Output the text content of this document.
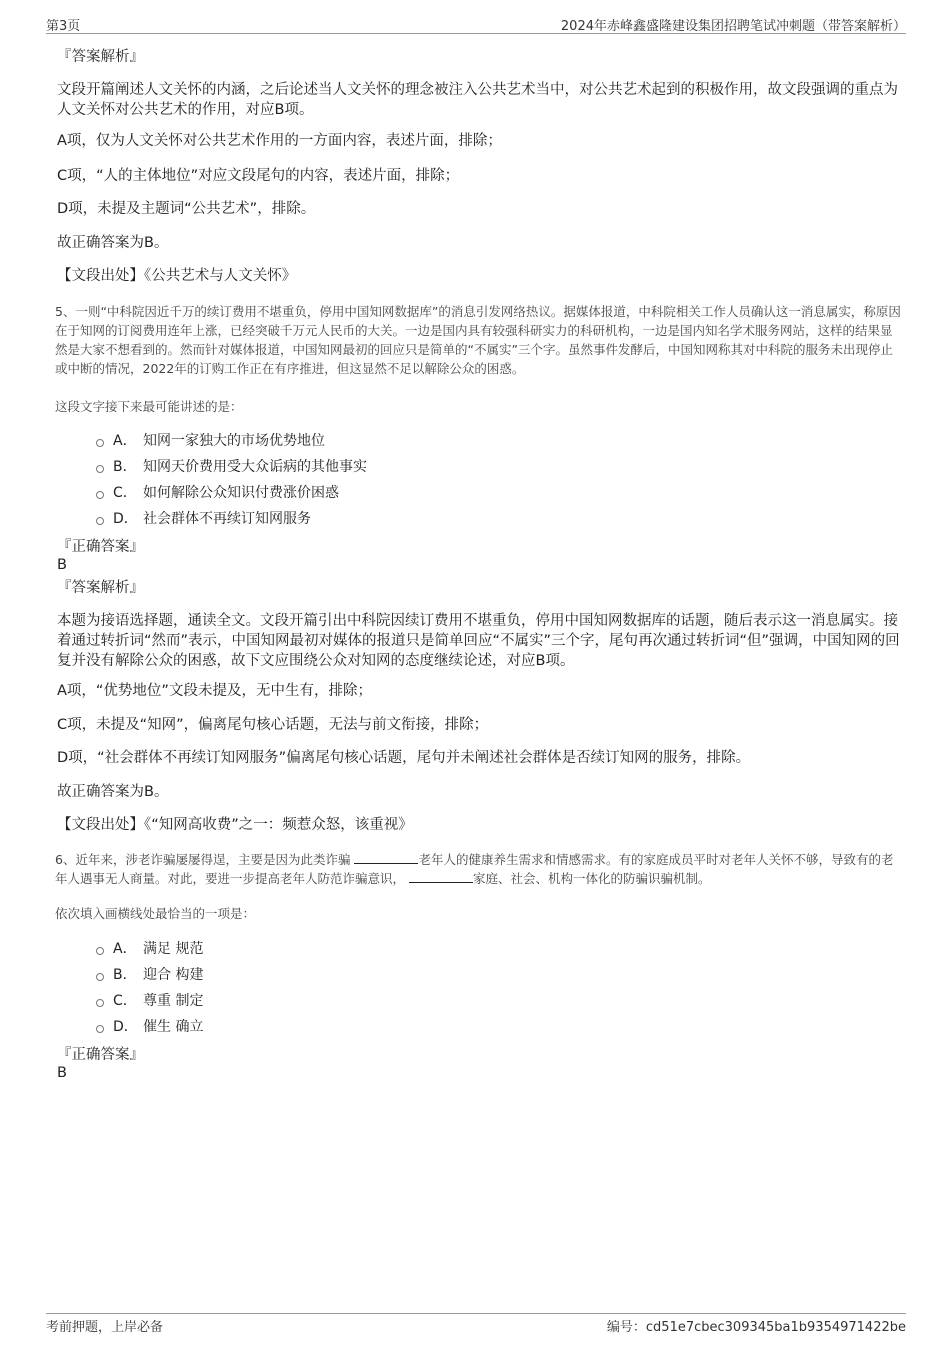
第3页	2024年赤峰鑫盛隆建设集团招聘笔试冲刺题（带答案解析）
『答案解析』
文段开篇阐述人文关怀的内涵，之后论述当人文关怀的理念被注入公共艺术当中，对公共艺术起到的积极作用，故文段强调的重点为人文关怀对公共艺术的作用，对应B项。
A项，仅为人文关怀对公共艺术作用的一方面内容，表述片面，排除；
C项，“人的主体地位”对应文段尾句的内容，表述片面，排除；
D项，未提及主题词“公共艺术”，排除。
故正确答案为B。
【文段出处】《公共艺术与人文关怀》
5、一则“中科院因近千万的续订费用不堪重负，停用中国知网数据库”的消息引发网络热议。据媒体报道，中科院相关工作人员确认这一消息属实，称原因在于知网的订阅费用连年上涨，已经突破千万元人民币的大关。一边是国内具有较强科研实力的科研机构，一边是国内知名学术服务网站，这样的结果显然是大家不想看到的。然而针对媒体报道，中国知网最初的回应只是简单的“不属实”三个字。虽然事件发酵后，中国知网称其对中科院的服务未出现停止或中断的情况，2022年的订购工作正在有序推进，但这显然不足以解除公众的困惑。
这段文字接下来最可能讲述的是：
A． 知网一家独大的市场优势地位
B． 知网天价费用受大众诟病的其他事实
C． 如何解除公众知识付费涨价困惑
D． 社会群体不再续订知网服务
『正确答案』
B
『答案解析』
本题为接语选择题，通读全文。文段开篇引出中科院因续订费用不堪重负，停用中国知网数据库的话题，随后表示这一消息属实。接着通过转折词“然而”表示，中国知网最初对媒体的报道只是简单回应“不属实”三个字，尾句再次通过转折词“但”强调，中国知网的回复并没有解除公众的困惑，故下文应围绕公众对知网的态度继续论述，对应B项。
A项，“优势地位”文段未提及，无中生有，排除；
C项，未提及“知网”，偏离尾句核心话题，无法与前文衔接，排除；
D项，“社会群体不再续订知网服务”偏离尾句核心话题，尾句并未阐述社会群体是否续订知网的服务，排除。
故正确答案为B。
【文段出处】《“知网高收费”之一：频惹众怒，该重视》
6、近年来，涉老诈骗屡屡得逞，主要是因为此类诈骗	老年人的健康养生需求和情感需求。有的家庭成员平时对老年人关怀不够，导致有的老年人遇事无人商量。对此，要进一步提高老年人防范诈骗意识，	家庭、社会、机构一体化的防骗识骗机制。
依次填入画横线处最恰当的一项是：
A． 满足 规范
B． 迎合 构建
C． 尊重 制定
D． 催生 确立
『正确答案』
B
考前押题，上岸必备	编号：cd51e7cbec309345ba1b9354971422be
